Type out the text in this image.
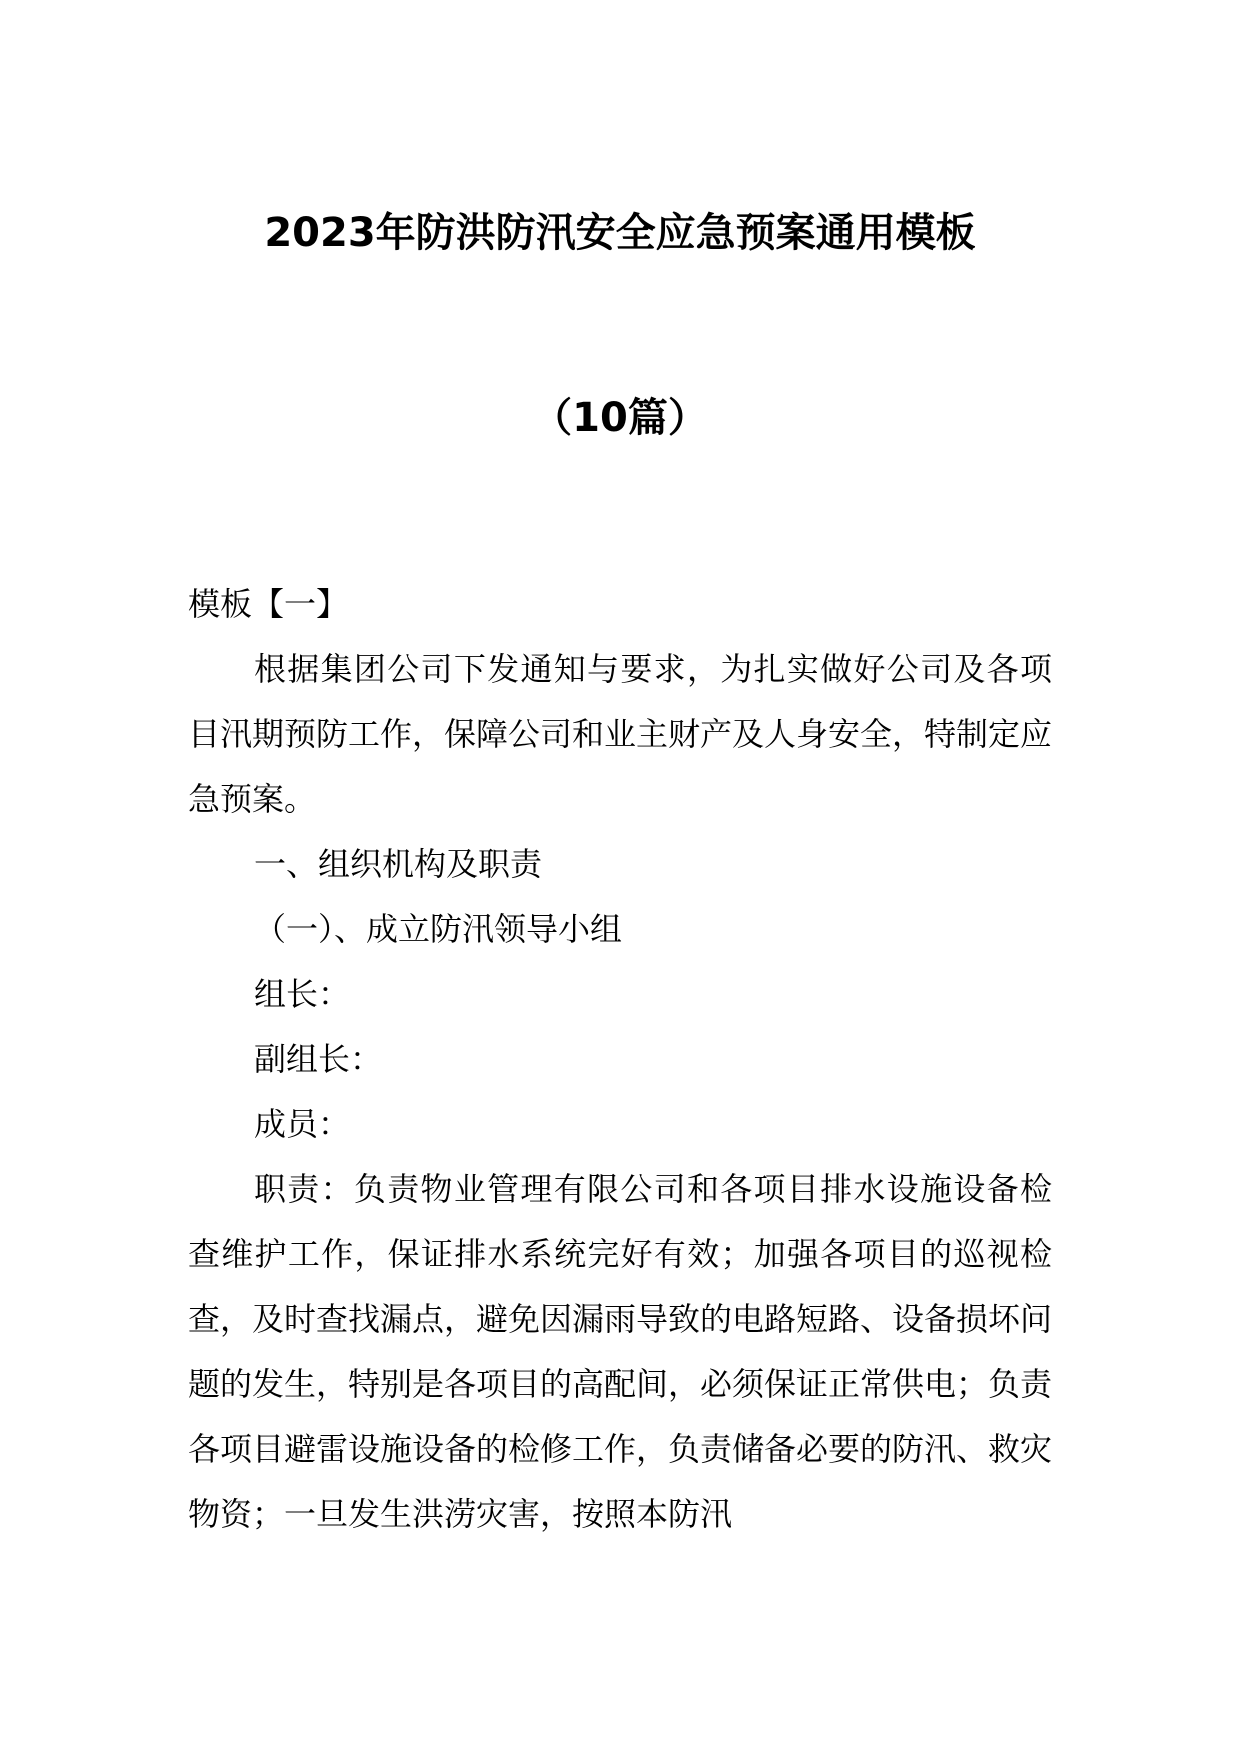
2023年防洪防汛安全应急预案通用模板
（10篇）

模板【一】

根据集团公司下发通知与要求，为扎实做好公司及各项目汛期预防工作，保障公司和业主财产及人身安全，特制定应急预案。

一、组织机构及职责

（一）、成立防汛领导小组

组长：

副组长：

成员：

职责：负责物业管理有限公司和各项目排水设施设备检查维护工作，保证排水系统完好有效；加强各项目的巡视检查，及时查找漏点，避免因漏雨导致的电路短路、设备损坏问题的发生，特别是各项目的高配间，必须保证正常供电；负责各项目避雷设施设备的检修工作，负责储备必要的防汛、救灾物资；一旦发生洪涝灾害，按照本防汛
